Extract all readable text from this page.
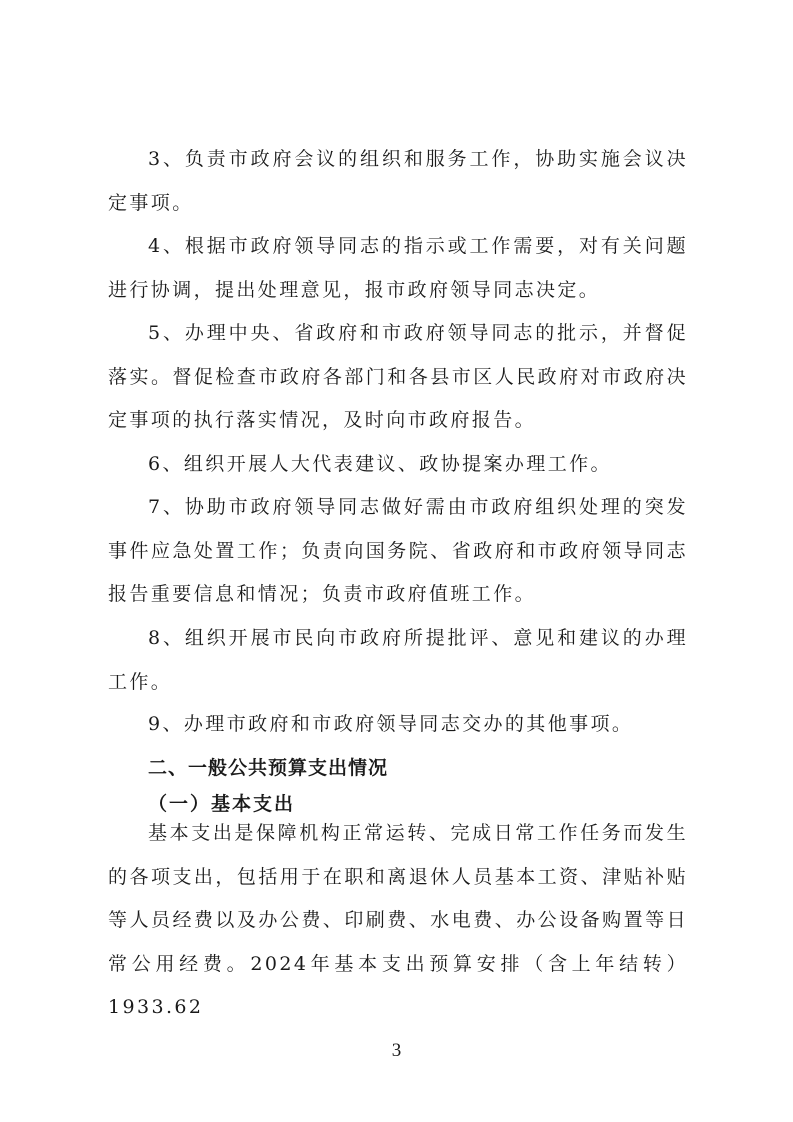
3、负责市政府会议的组织和服务工作，协助实施会议决定事项。

4、根据市政府领导同志的指示或工作需要，对有关问题进行协调，提出处理意见，报市政府领导同志决定。

5、办理中央、省政府和市政府领导同志的批示，并督促落实。督促检查市政府各部门和各县市区人民政府对市政府决定事项的执行落实情况，及时向市政府报告。

6、组织开展人大代表建议、政协提案办理工作。

7、协助市政府领导同志做好需由市政府组织处理的突发事件应急处置工作；负责向国务院、省政府和市政府领导同志报告重要信息和情况；负责市政府值班工作。

8、组织开展市民向市政府所提批评、意见和建议的办理工作。

9、办理市政府和市政府领导同志交办的其他事项。

二、一般公共预算支出情况
（一）基本支出

基本支出是保障机构正常运转、完成日常工作任务而发生的各项支出，包括用于在职和离退休人员基本工资、津贴补贴等人员经费以及办公费、印刷费、水电费、办公设备购置等日常公用经费。2024年基本支出预算安排（含上年结转）1933.62

3
